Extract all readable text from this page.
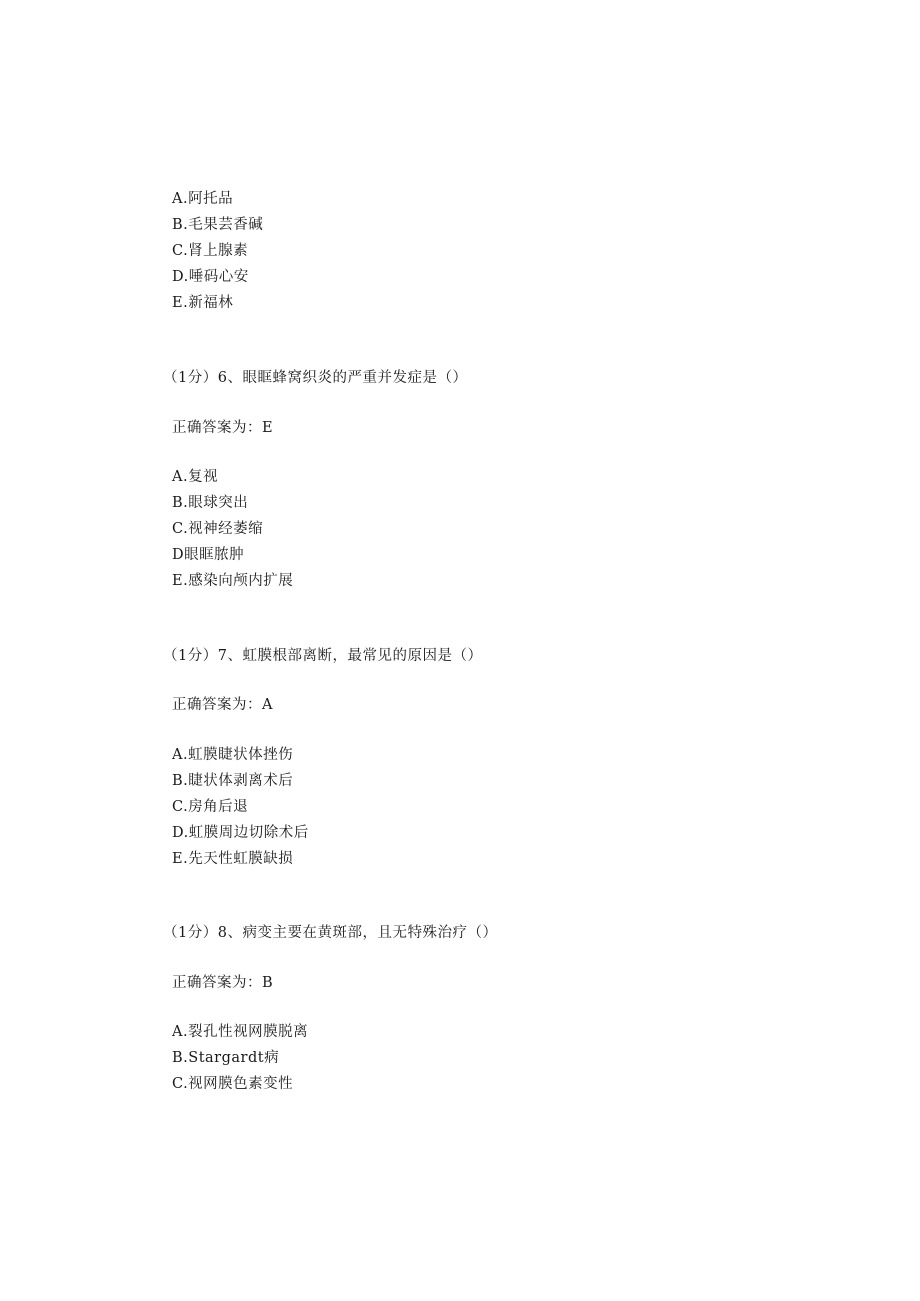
A.阿托品
B.毛果芸香碱
C.肾上腺素
D.唾码心安
E.新福林
（1分）6、眼眶蜂窝织炎的严重并发症是（）
正确答案为：E
A.复视
B.眼球突出
C.视神经萎缩
D眼眶脓肿
E.感染向颅内扩展
（1分）7、虹膜根部离断，最常见的原因是（）
正确答案为：A
A.虹膜睫状体挫伤
B.睫状体剥离术后
C.房角后退
D.虹膜周边切除术后
E.先天性虹膜缺损
（1分）8、病变主要在黄斑部，且无特殊治疗（）
正确答案为：B
A.裂孔性视网膜脱离
B.Stargardt病
C.视网膜色素变性
